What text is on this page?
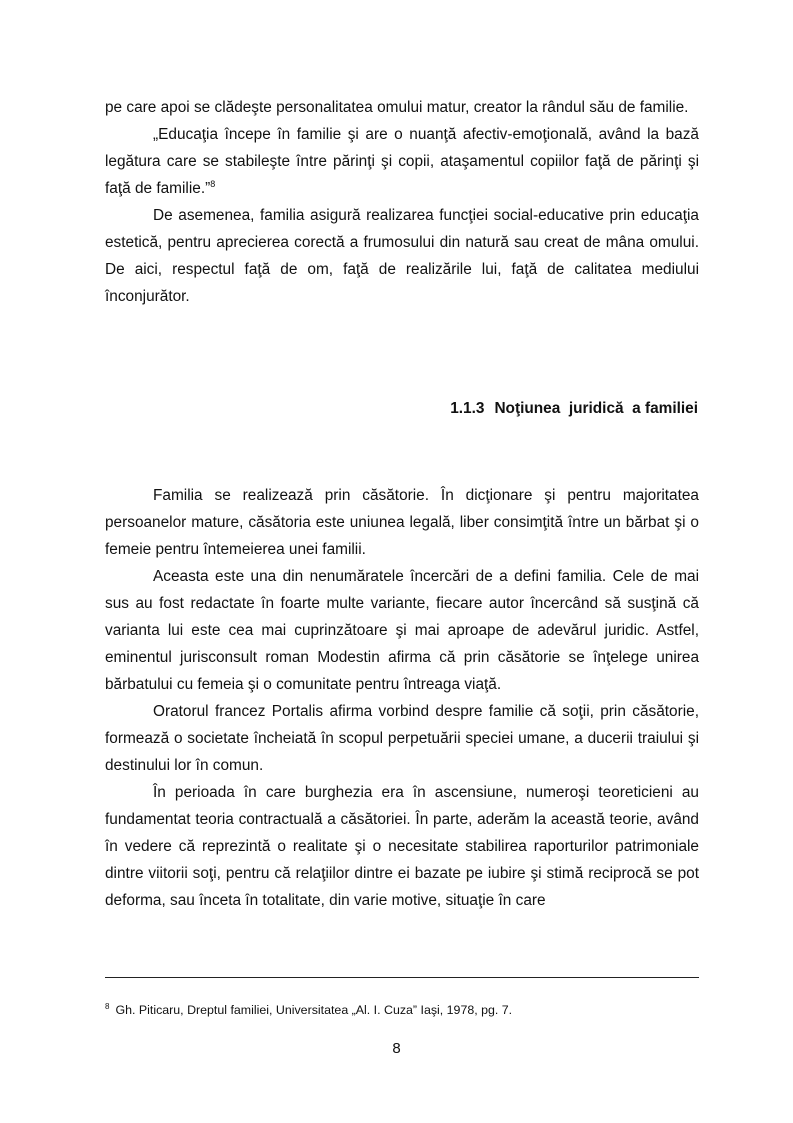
pe care apoi se clădeşte personalitatea omului matur, creator la rândul său de familie.

„Educaţia începe în familie şi are o nuanţă afectiv-emoţională, având la bază legătura care se stabileşte între părinţi şi copii, ataşamentul copiilor faţă de părinţi şi faţă de familie.”$^8$

De asemenea, familia asigură realizarea funcţiei social-educative prin educaţia estetică, pentru aprecierea corectă a frumosului din natură sau creat de mâna omului. De aici, respectul faţă de om, faţă de realizările lui, faţă de calitatea mediului înconjurător.

1.1.3 Noţiunea  juridică  a familiei

Familia se realizează prin căsătorie. În dicţionare şi pentru majoritatea persoanelor mature, căsătoria este uniunea legală, liber consimţită între un bărbat şi o femeie pentru întemeierea unei familii.

Aceasta este una din nenumăratele încercări de a defini familia. Cele de mai sus au fost redactate în foarte multe variante, fiecare autor încercând să susţină că varianta lui este cea mai cuprinzătoare şi mai aproape de adevărul juridic. Astfel, eminentul jurisconsult roman Modestin afirma că prin căsătorie se înţelege unirea bărbatului cu femeia şi o comunitate pentru întreaga viaţă.

Oratorul francez Portalis afirma vorbind despre familie că soţii, prin căsătorie, formează o societate încheiată în scopul perpetuării speciei umane, a ducerii traiului şi destinului lor în comun.

În perioada în care burghezia era în ascensiune, numeroşi teoreticieni au fundamentat teoria contractuală a căsătoriei. În parte, aderăm la această teorie, având în vedere că reprezintă o realitate şi o necesitate stabilirea raporturilor patrimoniale dintre viitorii soţi, pentru că relaţiilor dintre ei bazate pe iubire şi stimă reciprocă se pot deforma, sau înceta în totalitate, din varie motive, situaţie în care

$^8$ Gh. Piticaru, Dreptul familiei, Universitatea „Al. I. Cuza” Iaşi, 1978, pg. 7.
8
